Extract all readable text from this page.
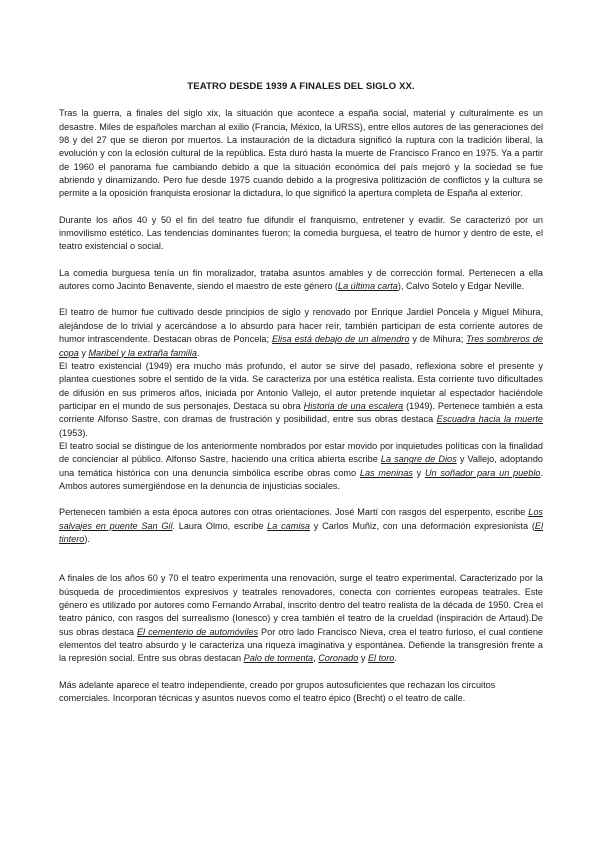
TEATRO DESDE 1939 A FINALES DEL SIGLO XX.

Tras la guerra, a finales del siglo xix, la situación que acontece a españa social, material y culturalmente es un desastre. Miles de españoles marchan al exilio (Francia, México, la URSS), entre ellos autores de las generaciones del 98 y del 27 que se dieron por muertos. La instauración de la dictadura significó la ruptura con la tradición liberal, la evolución y con la eclosión cultural de la república. Esta duró hasta la muerte de Francisco Franco en 1975. Ya a partir de 1960 el panorama fue cambiando debido a que la situación económica del país mejoró y la sociedad se fue abriendo y dinamizando. Pero fue desde 1975 cuando debido a la progresiva politización de conflictos y la cultura se permite a la oposición franquista erosionar la dictadura, lo que significó la apertura completa de España al exterior.

Durante los años 40 y 50 el fin del teatro fue difundir el franquismo, entretener y evadir. Se caracterizó por un inmovilismo estético. Las tendencias dominantes fueron; la comedia burguesa, el teatro de humor y dentro de este, el teatro existencial o social.

La comedia burguesa tenía un fin moralizador, trataba asuntos amables y de corrección formal. Pertenecen a ella autores como Jacinto Benavente, siendo el maestro de este género (La última carta), Calvo Sotelo y Edgar Neville.

El teatro de humor fue cultivado desde principios de siglo y renovado por Enrique Jardiel Poncela y Miguel Mihura, alejándose de lo trivial y acercándose a lo absurdo para hacer reír, también participan de esta corriente autores de humor intrascendente. Destacan obras de Poncela; Elisa está debajo de un almendro y de Mihura; Tres sombreros de copa y Maribel y la extraña familia.

El teatro existencial (1949) era mucho más profundo, el autor se sirve del pasado, reflexiona sobre el presente y plantea cuestiones sobre el sentido de la vida. Se caracteriza por una estética realista. Esta corriente tuvo dificultades de difusión en sus primeros años, iniciada por Antonio Vallejo, el autor pretende inquietar al espectador haciéndole participar en el mundo de sus personajes. Destaca su obra Historia de una escalera (1949). Pertenece también a esta corriente Alfonso Sastre, con dramas de frustración y posibilidad, entre sus obras destaca Escuadra hacia la muerte (1953).

El teatro social se distingue de los anteriormente nombrados por estar movido por inquietudes políticas con la finalidad de concienciar al público. Alfonso Sastre, haciendo una crítica abierta escribe La sangre de Dios y Vallejo, adoptando una temática histórica con una denuncia simbólica escribe obras como Las meninas y Un soñador para un pueblo. Ambos autores sumergiéndose en la denuncia de injusticias sociales.

Pertenecen también a esta época autores con otras orientaciones. José Martí con rasgos del esperpento, escribe Los salvajes en puente San Gil. Laura Olmo, escribe La camisa y Carlos Muñiz, con una deformación expresionista (El tintero).

A finales de los años 60 y 70 el teatro experimenta una renovación, surge el teatro experimental. Caracterizado por la búsqueda de procedimientos expresivos y teatrales renovadores, conecta con corrientes europeas teatrales. Este género es utilizado por autores como Fernando Arrabal, inscrito dentro del teatro realista de la década de 1950. Crea el teatro pánico, con rasgos del surrealismo (Ionesco) y crea también el teatro de la crueldad (inspiración de Artaud).De sus obras destaca El cementerio de automóviles Por otro lado Francisco Nieva, crea el teatro furioso, el cual contiene elementos del teatro absurdo y le caracteriza una riqueza imaginativa y espontánea. Defiende la transgresión frente a la represión social. Entre sus obras destacan Palo de tormenta, Coronado y El toro.

Más adelante aparece el teatro independiente, creado por grupos autosuficientes que rechazan los circuitos comerciales. Incorporan técnicas y asuntos nuevos como el teatro épico (Brecht) o el teatro de calle.
